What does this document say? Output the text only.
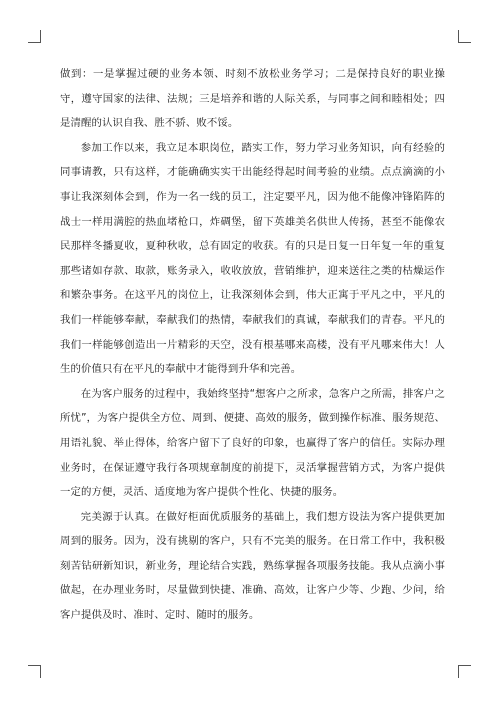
做到：一是掌握过硬的业务本领、时刻不放松业务学习；二是保持良好的职业操守，遵守国家的法律、法规；三是培养和谐的人际关系，与同事之间和睦相处；四是清醒的认识自我、胜不骄、败不馁。

参加工作以来，我立足本职岗位，踏实工作，努力学习业务知识，向有经验的同事请教，只有这样，才能确确实实干出能经得起时间考验的业绩。点点滴滴的小事让我深刻体会到，作为一名一线的员工，注定要平凡，因为他不能像冲锋陷阵的战士一样用满腔的热血堵枪口，炸碉堡，留下英雄美名供世人传扬，甚至不能像农民那样冬播夏收，夏种秋收，总有固定的收获。有的只是日复一日年复一年的重复那些诸如存款、取款，账务录入，收收放放，营销维护，迎来送往之类的枯燥运作和繁杂事务。在这平凡的岗位上，让我深刻体会到，伟大正寓于平凡之中，平凡的我们一样能够奉献，奉献我们的热情，奉献我们的真诚，奉献我们的青春。平凡的我们一样能够创造出一片精彩的天空，没有根基哪来高楼，没有平凡哪来伟大！人生的价值只有在平凡的奉献中才能得到升华和完善。

在为客户服务的过程中，我始终坚持“想客户之所求，急客户之所需，排客户之所忧”，为客户提供全方位、周到、便捷、高效的服务，做到操作标准、服务规范、用语礼貌、举止得体，给客户留下了良好的印象，也赢得了客户的信任。实际办理业务时，在保证遵守我行各项规章制度的前提下，灵活掌握营销方式，为客户提供一定的方便，灵活、适度地为客户提供个性化、快捷的服务。

完美源于认真。在做好柜面优质服务的基础上，我们想方设法为客户提供更加周到的服务。因为，没有挑剔的客户，只有不完美的服务。在日常工作中，我积极刻苦钻研新知识，新业务，理论结合实践，熟练掌握各项服务技能。我从点滴小事做起，在办理业务时，尽量做到快捷、准确、高效，让客户少等、少跑、少问，给客户提供及时、准时、定时、随时的服务。
